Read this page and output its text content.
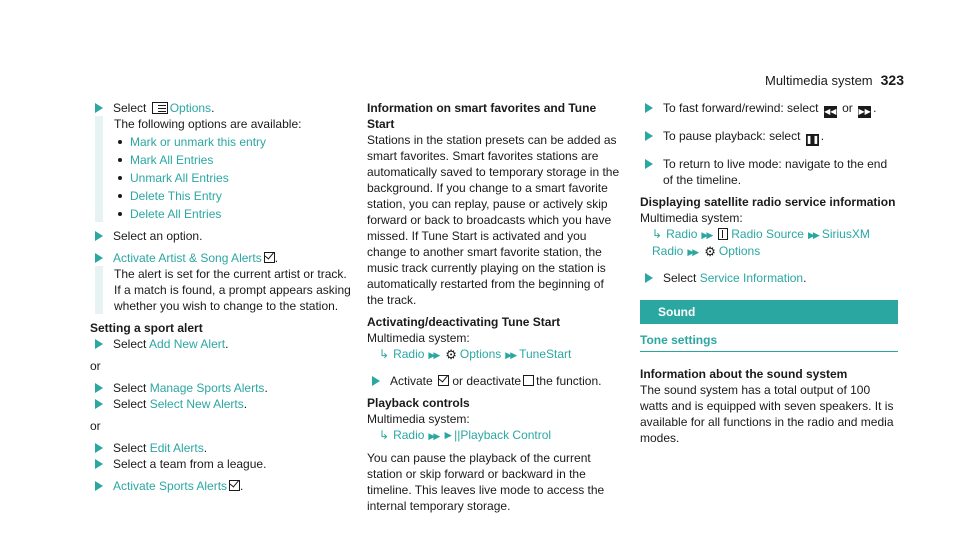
Multimedia system 323
Select Options.
The following options are available:
Mark or unmark this entry
Mark All Entries
Unmark All Entries
Delete This Entry
Delete All Entries
Select an option.
Activate Artist & Song Alerts .
The alert is set for the current artist or track. If a match is found, a prompt appears asking whether you wish to change to the station.
Setting a sport alert
Select Add New Alert.
or
Select Manage Sports Alerts.
Select Select New Alerts.
or
Select Edit Alerts.
Select a team from a league.
Activate Sports Alerts .
Information on smart favorites and Tune Start
Stations in the station presets can be added as smart favorites. Smart favorites stations are automatically saved to temporary storage in the background. If you change to a smart favorite station, you can replay, pause or actively skip forward or back to broadcasts which you have missed. If Tune Start is activated and you change to another smart favorite station, the music track currently playing on the station is automatically restarted from the beginning of the track.
Activating/deactivating Tune Start
Multimedia system:
↳ Radio ▶▶ ⚙ Options ▶▶ TuneStart
Activate or deactivate the function.
Playback controls
Multimedia system:
↳ Radio ▶▶ ►||Playback Control
You can pause the playback of the current station or skip forward or backward in the timeline. This leaves live mode to access the internal temporary storage.
To fast forward/rewind: select ◀◀ or ▶▶ .
To pause playback: select ❚❚ .
To return to live mode: navigate to the end of the timeline.
Displaying satellite radio service information
Multimedia system:
↳ Radio ▶▶ Radio Source ▶▶ SiriusXM Radio ▶▶ ⚙ Options
Select Service Information.
Sound
Tone settings
Information about the sound system
The sound system has a total output of 100 watts and is equipped with seven speakers. It is available for all functions in the radio and media modes.
